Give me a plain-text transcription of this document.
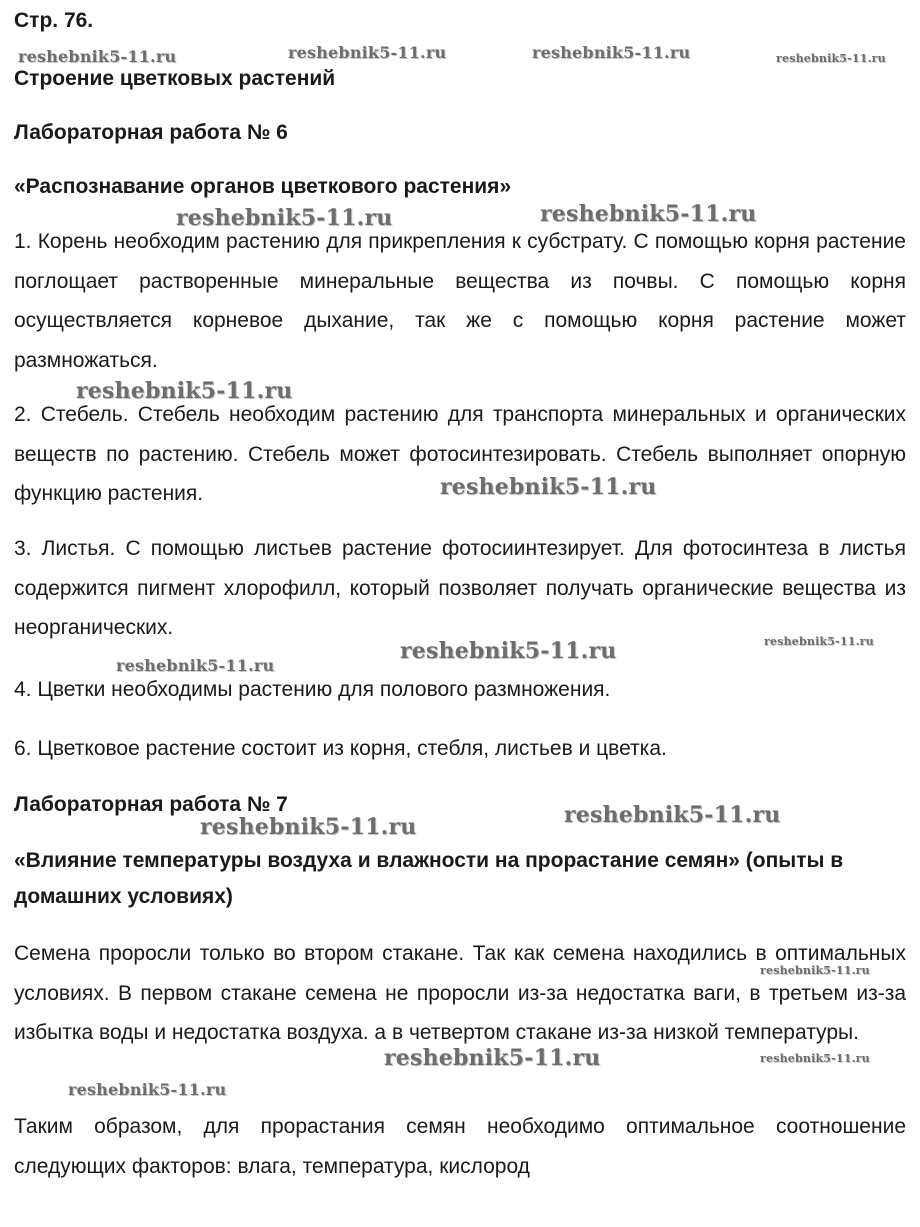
Стр. 76.
Строение цветковых растений
Лабораторная работа № 6
«Распознавание органов цветкового растения»

1. Корень необходим растению для прикрепления к субстрату. С помощью корня растение поглощает растворенные минеральные вещества из почвы. С помощью корня осуществляется корневое дыхание, так же с помощью корня растение может размножаться.

2. Стебель. Стебель необходим растению для транспорта минеральных и органических веществ по растению. Стебель может фотосинтезировать. Стебель выполняет опорную функцию растения.

3. Листья. С помощью листьев растение фотосиинтезирует. Для фотосинтеза в листья содержится пигмент хлорофилл, который позволяет получать органические вещества из неорганических.

4. Цветки необходимы растению для полового размножения.

6. Цветковое растение состоит из корня, стебля, листьев и цветка.

Лабораторная работа № 7
«Влияние температуры воздуха и влажности на прорастание семян» (опыты в домашних условиях)

Семена проросли только во втором стакане. Так как семена находились в оптимальных условиях. В первом стакане семена не проросли из-за недостатка ваги, в третьем из-за избытка воды и недостатка воздуха. а в четвертом стакане из-за низкой температуры.

Таким образом, для прорастания семян необходимо оптимальное соотношение следующих факторов: влага, температура, кислород

reshebnik5-11.ru	reshebnik5-11.ru	reshebnik5-11.ru	reshebnik5-11.ru
reshebnik5-11.ru	reshebnik5-11.ru
reshebnik5-11.ru
reshebnik5-11.ru
reshebnik5-11.ru
reshebnik5-11.ru
reshebnik5-11.ru
reshebnik5-11.ru
reshebnik5-11.ru
reshebnik5-11.ru
reshebnik5-11.ru	reshebnik5-11.ru
reshebnik5-11.ru
